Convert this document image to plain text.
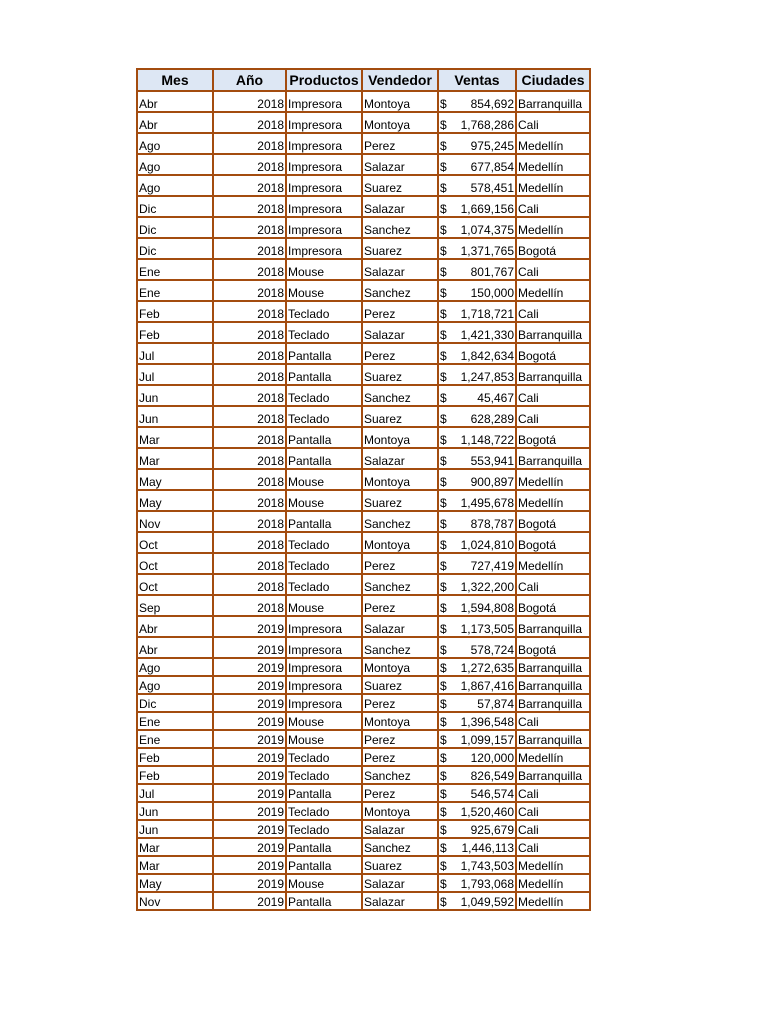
Mes	Año	Productos	Vendedor	Ventas	Ciudades
Abr	2018	Impresora	Montoya	$ 854,692	Barranquilla
Abr	2018	Impresora	Montoya	$ 1,768,286	Cali
Ago	2018	Impresora	Perez	$ 975,245	Medellín
Ago	2018	Impresora	Salazar	$ 677,854	Medellín
Ago	2018	Impresora	Suarez	$ 578,451	Medellín
Dic	2018	Impresora	Salazar	$ 1,669,156	Cali
Dic	2018	Impresora	Sanchez	$ 1,074,375	Medellín
Dic	2018	Impresora	Suarez	$ 1,371,765	Bogotá
Ene	2018	Mouse	Salazar	$ 801,767	Cali
Ene	2018	Mouse	Sanchez	$ 150,000	Medellín
Feb	2018	Teclado	Perez	$ 1,718,721	Cali
Feb	2018	Teclado	Salazar	$ 1,421,330	Barranquilla
Jul	2018	Pantalla	Perez	$ 1,842,634	Bogotá
Jul	2018	Pantalla	Suarez	$ 1,247,853	Barranquilla
Jun	2018	Teclado	Sanchez	$ 45,467	Cali
Jun	2018	Teclado	Suarez	$ 628,289	Cali
Mar	2018	Pantalla	Montoya	$ 1,148,722	Bogotá
Mar	2018	Pantalla	Salazar	$ 553,941	Barranquilla
May	2018	Mouse	Montoya	$ 900,897	Medellín
May	2018	Mouse	Suarez	$ 1,495,678	Medellín
Nov	2018	Pantalla	Sanchez	$ 878,787	Bogotá
Oct	2018	Teclado	Montoya	$ 1,024,810	Bogotá
Oct	2018	Teclado	Perez	$ 727,419	Medellín
Oct	2018	Teclado	Sanchez	$ 1,322,200	Cali
Sep	2018	Mouse	Perez	$ 1,594,808	Bogotá
Abr	2019	Impresora	Salazar	$ 1,173,505	Barranquilla
Abr	2019	Impresora	Sanchez	$ 578,724	Bogotá
Ago	2019	Impresora	Montoya	$ 1,272,635	Barranquilla
Ago	2019	Impresora	Suarez	$ 1,867,416	Barranquilla
Dic	2019	Impresora	Perez	$ 57,874	Barranquilla
Ene	2019	Mouse	Montoya	$ 1,396,548	Cali
Ene	2019	Mouse	Perez	$ 1,099,157	Barranquilla
Feb	2019	Teclado	Perez	$ 120,000	Medellín
Feb	2019	Teclado	Sanchez	$ 826,549	Barranquilla
Jul	2019	Pantalla	Perez	$ 546,574	Cali
Jun	2019	Teclado	Montoya	$ 1,520,460	Cali
Jun	2019	Teclado	Salazar	$ 925,679	Cali
Mar	2019	Pantalla	Sanchez	$ 1,446,113	Cali
Mar	2019	Pantalla	Suarez	$ 1,743,503	Medellín
May	2019	Mouse	Salazar	$ 1,793,068	Medellín
Nov	2019	Pantalla	Salazar	$ 1,049,592	Medellín
